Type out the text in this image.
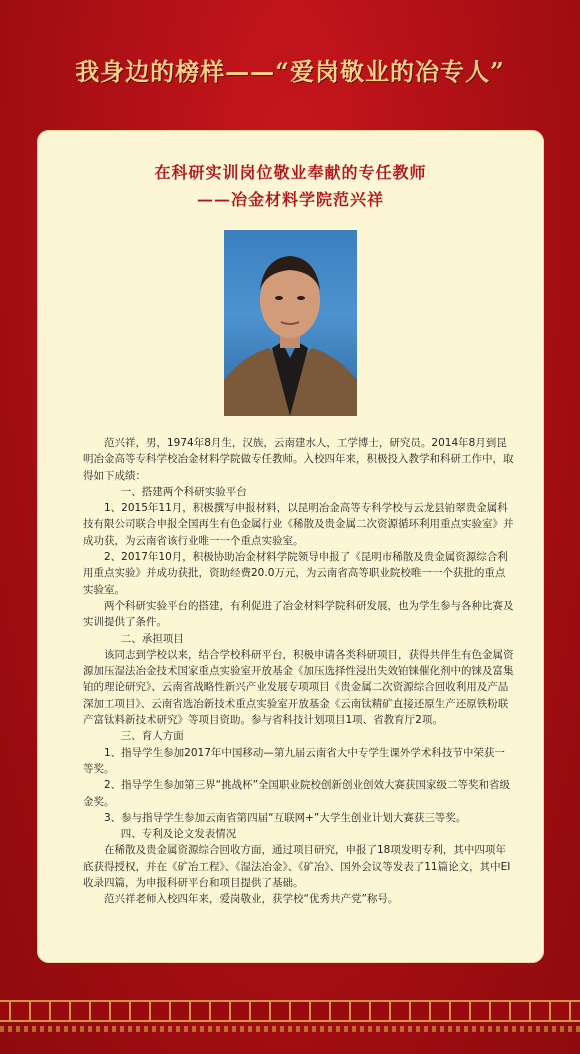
我身边的榜样——“爱岗敬业的冶专人”
在科研实训岗位敬业奉献的专任教师
——冶金材料学院范兴祥

范兴祥，男，1974年8月生，汉族，云南建水人，工学博士，研究员。2014年8月到昆明冶金高等专科学校冶金材料学院做专任教师。入校四年来，积极投入教学和科研工作中，取得如下成绩：

一、搭建两个科研实验平台

1、2015年11月，积极撰写申报材料，以昆明冶金高等专科学校与云龙县铂翠贵金属科技有限公司联合申报全国再生有色金属行业《稀散及贵金属二次资源循环利用重点实验室》并成功获，为云南省该行业唯一一个重点实验室。

2、2017年10月，积极协助冶金材料学院领导申报了《昆明市稀散及贵金属资源综合利用重点实验》并成功获批，资助经费20.0万元，为云南省高等职业院校唯一一个获批的重点实验室。

两个科研实验平台的搭建，有利促进了冶金材料学院科研发展，也为学生参与各种比赛及实训提供了条件。

二、承担项目

该同志到学校以来，结合学校科研平台，积极申请各类科研项目，获得共伴生有色金属资源加压湿法冶金技术国家重点实验室开放基金《加压选择性浸出失效铂铼催化剂中的铼及富集铂的理论研究》、云南省战略性新兴产业发展专项项目《贵金属二次资源综合回收利用及产品深加工项目》、云南省选冶新技术重点实验室开放基金《云南钛精矿直接还原生产还原铁粉联产富钛料新技术研究》等项目资助。参与省科技计划项目1项、省教育厅2项。

三、育人方面

1、指导学生参加2017年中国移动—第九届云南省大中专学生课外学术科技节中荣获一等奖。

2、指导学生参加第三界“挑战杯”全国职业院校创新创业创效大赛获国家级二等奖和省级金奖。

3、参与指导学生参加云南省第四届“互联网+”大学生创业计划大赛获三等奖。

四、专利及论文发表情况

在稀散及贵金属资源综合回收方面，通过项目研究，申报了18项发明专利，其中四项年底获得授权，并在《矿冶工程》、《湿法冶金》、《矿冶》、国外会议等发表了11篇论文，其中EI收录四篇，为申报科研平台和项目提供了基础。

范兴祥老师入校四年来，爱岗敬业，获学校“优秀共产党”称号。
